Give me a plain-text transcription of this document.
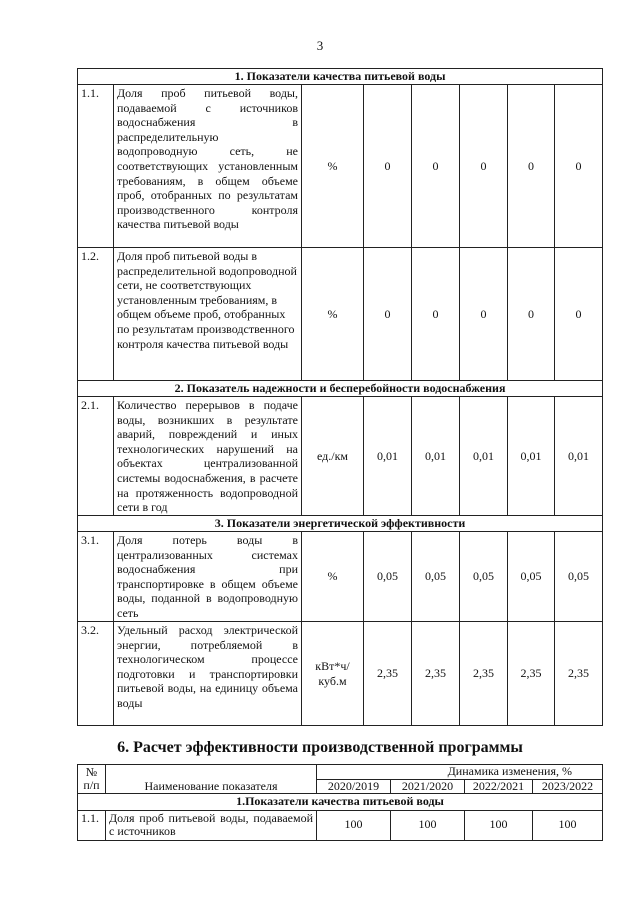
3
1. Показатели качества питьевой воды							
1.1.	Доля проб питьевой воды, подаваемой с источников водоснабжения в распределительную водопроводную сеть, не соответствующих установленным требованиям, в общем объеме проб, отобранных по результатам производственного контроля качества питьевой воды	%	0	0	0	0	0
1.2.	Доля проб питьевой воды в распределительной водопроводной сети, не соответствующих установленным требованиям, в общем объеме проб, отобранных по результатам производственного контроля качества питьевой воды	%	0	0	0	0	0
2. Показатель надежности и бесперебойности водоснабжения							
2.1.	Количество перерывов в подаче воды, возникших в результате аварий, повреждений и иных технологических нарушений на объектах централизованной системы водоснабжения, в расчете на протяженность водопроводной сети в год	ед./км	0,01	0,01	0,01	0,01	0,01
3. Показатели энергетической эффективности							
3.1.	Доля потерь воды в централизованных системах водоснабжения при транспортировке в общем объеме воды, поданной в водопроводную сеть	%	0,05	0,05	0,05	0,05	0,05
3.2.	Удельный расход электрической энергии, потребляемой в технологическом процессе подготовки и транспортировки питьевой воды, на единицу объема воды	кВт*ч/ куб.м	2,35	2,35	2,35	2,35	2,35
6. Расчет эффективности производственной программы
№ п/п	Наименование показателя	Динамика изменения, %			
		2020/2019	2021/2020	2022/2021	2023/2022
1.Показатели качества питьевой воды					
1.1.	Доля проб питьевой воды, подаваемой с источников	100	100	100	100
